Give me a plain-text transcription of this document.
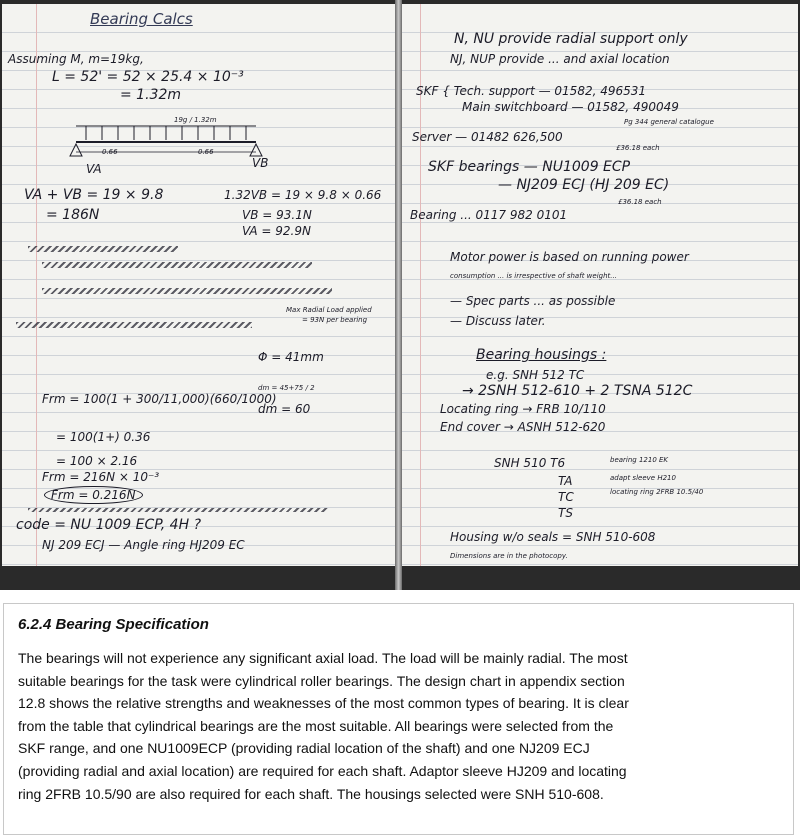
Bearing Calcs
Assuming M, m=19kg,
L = 52' = 52 × 25.4 × 10⁻³
= 1.32m
19g / 1.32m
0.66	0.66
VA	VB
VA + VB = 19 × 9.8
= 186N
1.32VB = 19 × 9.8 × 0.66
VB = 93.1N
VA = 92.9N
Max Radial Load applied
= 93N per bearing
Φ = 41mm
dm = 45+75 / 2
dm = 60
Frm = 100(1 + 300/11,000)(660/1000)
= 100(1+) 0.36
= 100 × 2.16
Frm = 216N × 10⁻³
Frm = 0.216N
code = NU 1009 ECP, 4H ?
NJ 209 ECJ — Angle ring HJ209 EC
N, NU provide radial support only
NJ, NUP provide ... and axial location
SKF { Tech. support — 01582, 496531
Main switchboard — 01582, 490049
Server — 01482 626,500
Pg 344 general catalogue
£36.18 each
SKF bearings — NU1009 ECP
— NJ209 ECJ (HJ 209 EC)
£36.18 each
Bearing ... 0117 982 0101
Motor power is based on running power
consumption ... is irrespective of shaft weight...
— Spec parts ... as possible
— Discuss later.
Bearing housings :
e.g. SNH 512 TC
→ 2SNH 512-610 + 2 TSNA 512C
Locating ring → FRB 10/110
End cover → ASNH 512-620
SNH 510 T6
TA
TC
TS
bearing 1210 EK
adapt sleeve H210
locating ring 2FRB 10.5/40
Housing w/o seals = SNH 510-608
Dimensions are in the photocopy.
6.2.4 Bearing Specification
The bearings will not experience any significant axial load. The load will be mainly radial. The most
suitable bearings for the task were cylindrical roller bearings. The design chart in appendix section
12.8 shows the relative strengths and weaknesses of the most common types of bearing. It is clear
from the table that cylindrical bearings are the most suitable. All bearings were selected from the
SKF range, and one NU1009ECP (providing radial location of the shaft) and one NJ209 ECJ
(providing radial and axial location) are required for each shaft. Adaptor sleeve HJ209 and locating
ring 2FRB 10.5/90 are also required for each shaft. The housings selected were SNH 510-608.
